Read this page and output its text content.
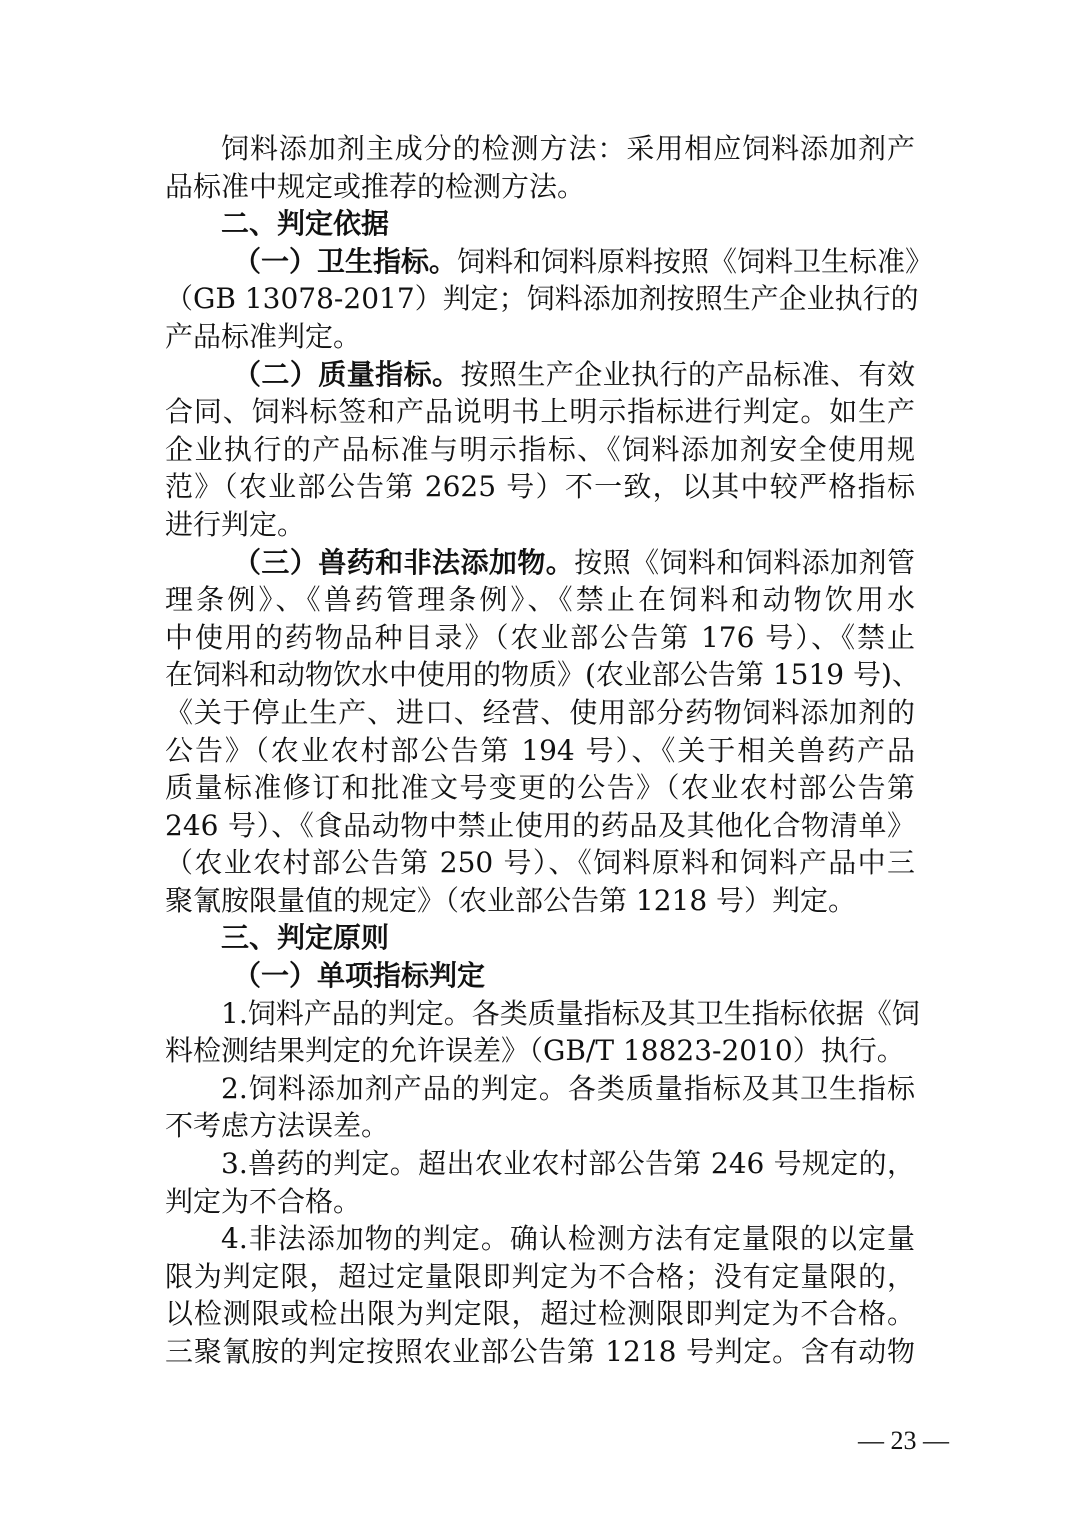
饲料添加剂主成分的检测方法：采用相应饲料添加剂产
品标准中规定或推荐的检测方法。
二、判定依据
（一）卫生指标。饲料和饲料原料按照《饲料卫生标准》
（GB 13078-2017）判定；饲料添加剂按照生产企业执行的
产品标准判定。
（二）质量指标。按照生产企业执行的产品标准、有效
合同、饲料标签和产品说明书上明示指标进行判定。如生产
企业执行的产品标准与明示指标、《饲料添加剂安全使用规
范》（农业部公告第 2625 号）不一致，以其中较严格指标
进行判定。
（三）兽药和非法添加物。按照《饲料和饲料添加剂管
理条例》、《兽药管理条例》、《禁止在饲料和动物饮用水
中使用的药物品种目录》（农业部公告第 176 号）、《禁止
在饲料和动物饮水中使用的物质》(农业部公告第 1519 号)、
《关于停止生产、进口、经营、使用部分药物饲料添加剂的
公告》（农业农村部公告第 194 号）、《关于相关兽药产品
质量标准修订和批准文号变更的公告》（农业农村部公告第
246 号）、《食品动物中禁止使用的药品及其他化合物清单》
（农业农村部公告第 250 号）、《饲料原料和饲料产品中三
聚氰胺限量值的规定》（农业部公告第 1218 号）判定。
三、判定原则
（一）单项指标判定
1.饲料产品的判定。各类质量指标及其卫生指标依据《饲
料检测结果判定的允许误差》（GB/T 18823-2010）执行。
2.饲料添加剂产品的判定。各类质量指标及其卫生指标
不考虑方法误差。
3.兽药的判定。超出农业农村部公告第 246 号规定的，
判定为不合格。
4.非法添加物的判定。确认检测方法有定量限的以定量
限为判定限，超过定量限即判定为不合格；没有定量限的，
以检测限或检出限为判定限，超过检测限即判定为不合格。
三聚氰胺的判定按照农业部公告第 1218 号判定。含有动物
— 23 —
